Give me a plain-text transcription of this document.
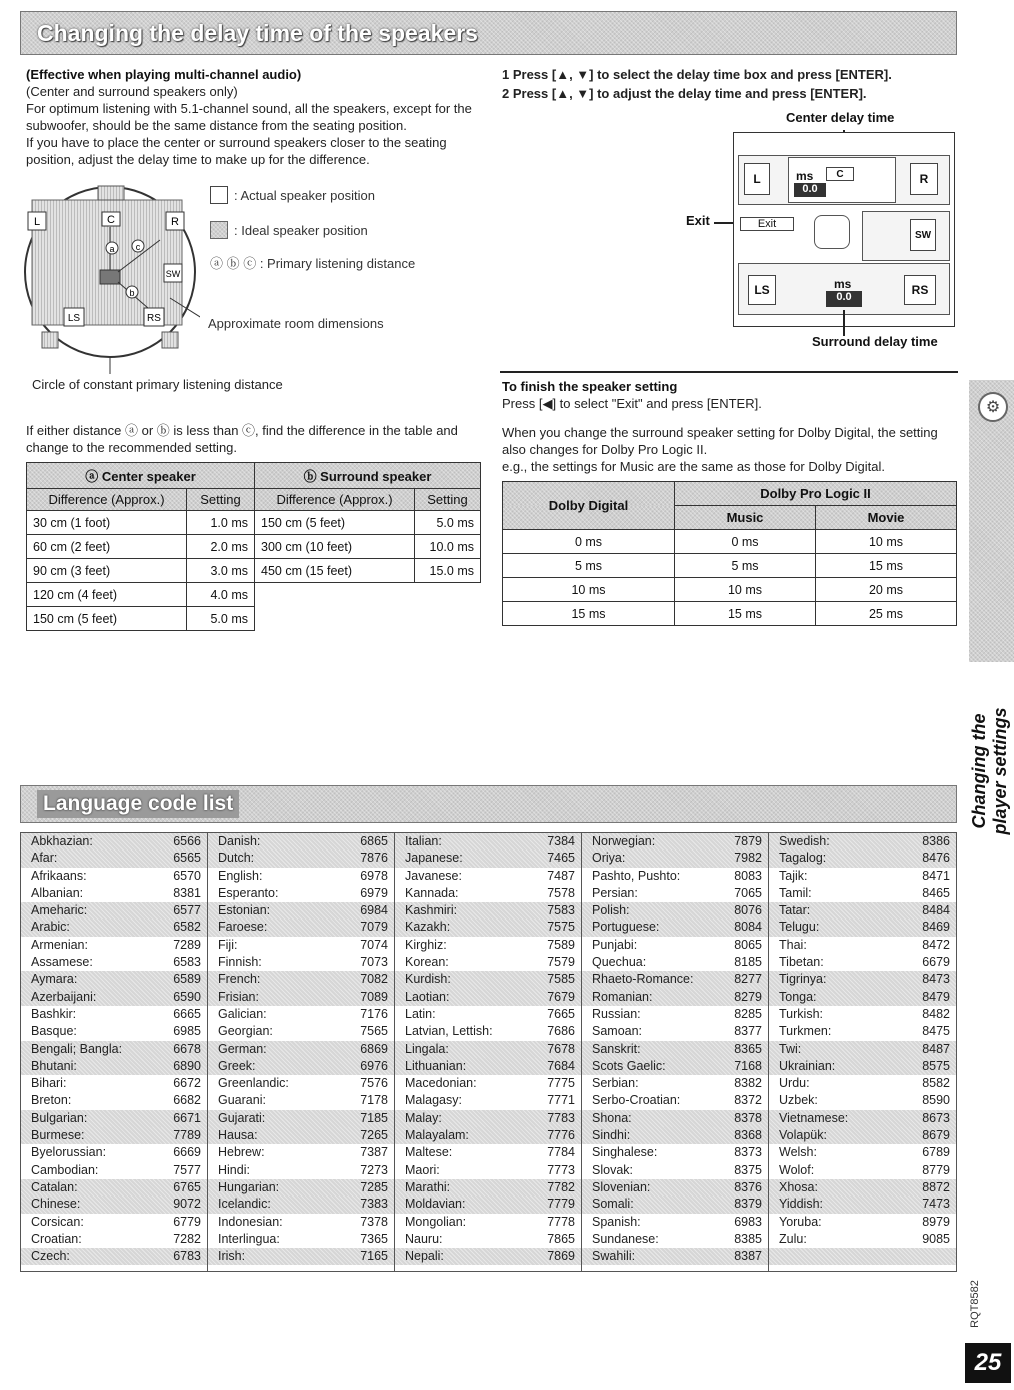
Changing the delay time of the speakers

(Effective when playing multi-channel audio)

(Center and surround speakers only)

For optimum listening with 5.1-channel sound, all the speakers, except for the subwoofer, should be the same distance from the seating position.

If you have to place the center or surround speakers closer to the seating position, adjust the delay time to make up for the difference.

L	C	R
SW
LS	RS
a c
b
: Actual speaker position
: Ideal speaker position
ⓐ ⓑ ⓒ : Primary listening distance
Approximate room dimensions
Circle of constant primary listening distance
If either distance ⓐ or ⓑ is less than ⓒ, find the difference in the table and change to the recommended setting.
ⓐ Center speaker		ⓑ Surround speaker	
Difference (Approx.)	Setting	Difference (Approx.)	Setting
30 cm (1 foot)	1.0 ms	150 cm (5 feet)	5.0 ms
60 cm (2 feet)	2.0 ms	300 cm (10 feet)	10.0 ms
90 cm (3 feet)	3.0 ms	450 cm (15 feet)	15.0 ms
120 cm (4 feet)	4.0 ms		
150 cm (5 feet)	5.0 ms		
1 Press [▲, ▼] to select the delay time box and press [ENTER].
2 Press [▲, ▼] to adjust the delay time and press [ENTER].
Center delay time
Exit
L	ms	C
0.0
R
Exit
SW
LS	ms
0.0	RS
Surround delay time
To finish the speaker setting
Press [◀] to select "Exit" and press [ENTER].
When you change the surround speaker setting for Dolby Digital, the setting also changes for Dolby Pro Logic II.
e.g., the settings for Music are the same as those for Dolby Digital.
Dolby Digital	Dolby Pro Logic II	
	Music	Movie
0 ms	0 ms	10 ms
5 ms	5 ms	15 ms
10 ms	10 ms	20 ms
15 ms	15 ms	25 ms
⚙
Changing the player settings
RQT8582
25
Language code list
Abkhazian:	6566
Afar:	6565
Afrikaans:	6570
Albanian:	8381
Ameharic:	6577
Arabic:	6582
Armenian:	7289
Assamese:	6583
Aymara:	6589
Azerbaijani:	6590
Bashkir:	6665
Basque:	6985
Bengali; Bangla:	6678
Bhutani:	6890
Bihari:	6672
Breton:	6682
Bulgarian:	6671
Burmese:	7789
Byelorussian:	6669
Cambodian:	7577
Catalan:	6765
Chinese:	9072
Corsican:	6779
Croatian:	7282
Czech:	6783
Danish:	6865
Dutch:	7876
English:	6978
Esperanto:	6979
Estonian:	6984
Faroese:	7079
Fiji:	7074
Finnish:	7073
French:	7082
Frisian:	7089
Galician:	7176
Georgian:	7565
German:	6869
Greek:	6976
Greenlandic:	7576
Guarani:	7178
Gujarati:	7185
Hausa:	7265
Hebrew:	7387
Hindi:	7273
Hungarian:	7285
Icelandic:	7383
Indonesian:	7378
Interlingua:	7365
Irish:	7165
Italian:	7384
Japanese:	7465
Javanese:	7487
Kannada:	7578
Kashmiri:	7583
Kazakh:	7575
Kirghiz:	7589
Korean:	7579
Kurdish:	7585
Laotian:	7679
Latin:	7665
Latvian, Lettish:	7686
Lingala:	7678
Lithuanian:	7684
Macedonian:	7775
Malagasy:	7771
Malay:	7783
Malayalam:	7776
Maltese:	7784
Maori:	7773
Marathi:	7782
Moldavian:	7779
Mongolian:	7778
Nauru:	7865
Nepali:	7869
Norwegian:	7879
Oriya:	7982
Pashto, Pushto:	8083
Persian:	7065
Polish:	8076
Portuguese:	8084
Punjabi:	8065
Quechua:	8185
Rhaeto-Romance:	8277
Romanian:	8279
Russian:	8285
Samoan:	8377
Sanskrit:	8365
Scots Gaelic:	7168
Serbian:	8382
Serbo-Croatian:	8372
Shona:	8378
Sindhi:	8368
Singhalese:	8373
Slovak:	8375
Slovenian:	8376
Somali:	8379
Spanish:	6983
Sundanese:	8385
Swahili:	8387
Swedish:	8386
Tagalog:	8476
Tajik:	8471
Tamil:	8465
Tatar:	8484
Telugu:	8469
Thai:	8472
Tibetan:	6679
Tigrinya:	8473
Tonga:	8479
Turkish:	8482
Turkmen:	8475
Twi:	8487
Ukrainian:	8575
Urdu:	8582
Uzbek:	8590
Vietnamese:	8673
Volapük:	8679
Welsh:	6789
Wolof:	8779
Xhosa:	8872
Yiddish:	7473
Yoruba:	8979
Zulu:	9085
